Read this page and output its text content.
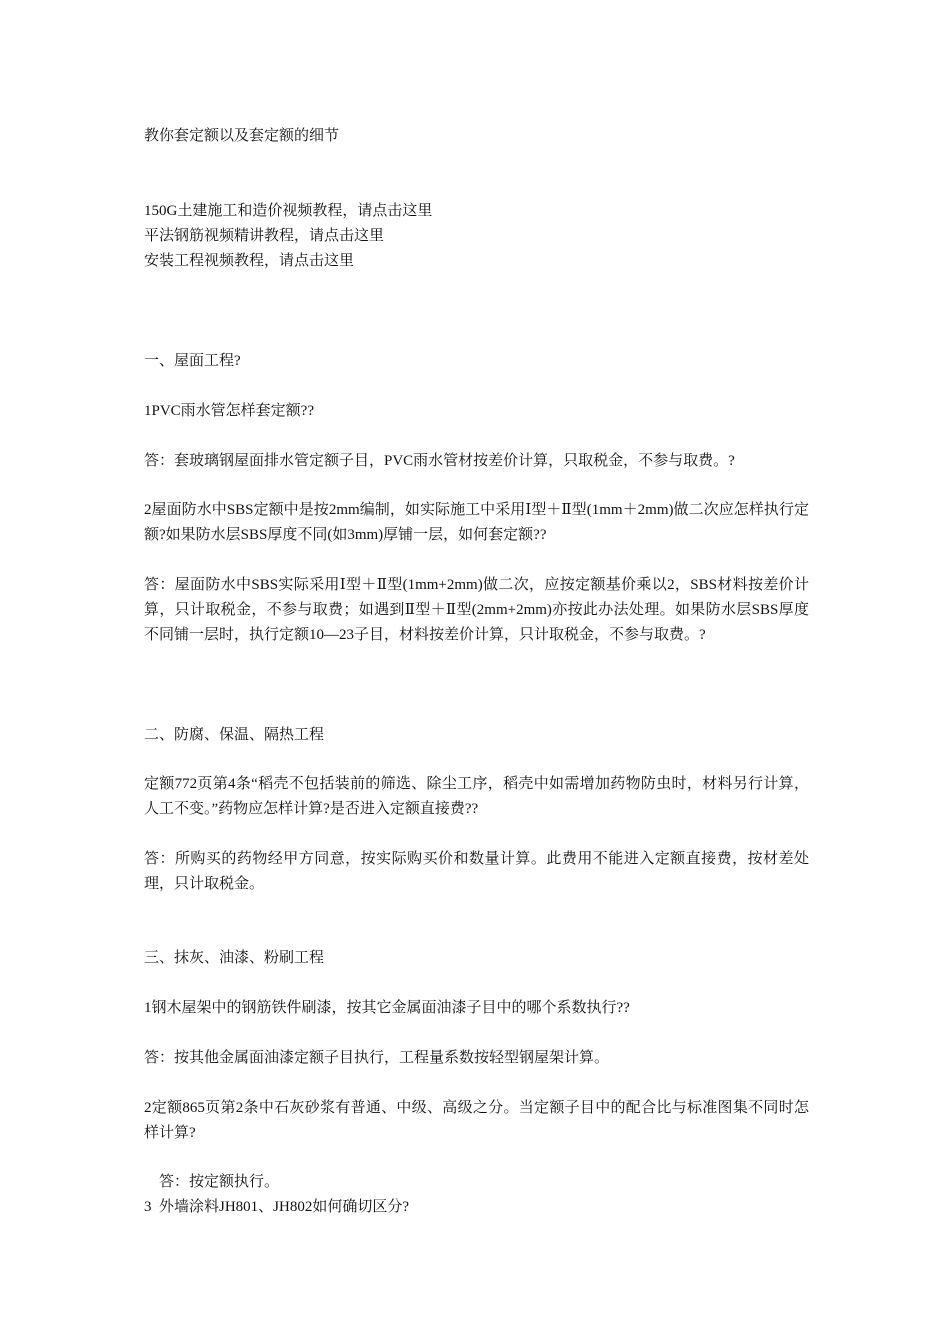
教你套定额以及套定额的细节
150G土建施工和造价视频教程，请点击这里
平法钢筋视频精讲教程，请点击这里
安装工程视频教程，请点击这里
一、屋面工程?
1PVC雨水管怎样套定额??
答：套玻璃钢屋面排水管定额子目，PVC雨水管材按差价计算，只取税金，不参与取费。?
2屋面防水中SBS定额中是按2mm编制，如实际施工中采用Ⅰ型＋Ⅱ型(1mm＋2mm)做二次应怎样执行定额?如果防水层SBS厚度不同(如3mm)厚铺一层，如何套定额??
答：屋面防水中SBS实际采用Ⅰ型＋Ⅱ型(1mm+2mm)做二次，应按定额基价乘以2，SBS材料按差价计算，只计取税金，不参与取费；如遇到Ⅱ型＋Ⅱ型(2mm+2mm)亦按此办法处理。如果防水层SBS厚度不同铺一层时，执行定额10—23子目，材料按差价计算，只计取税金，不参与取费。?
二、防腐、保温、隔热工程
定额772页第4条“稻壳不包括装前的筛选、除尘工序，稻壳中如需增加药物防虫时，材料另行计算，人工不变。”药物应怎样计算?是否进入定额直接费??
答：所购买的药物经甲方同意，按实际购买价和数量计算。此费用不能进入定额直接费，按材差处理，只计取税金。
三、抹灰、油漆、粉刷工程
1钢木屋架中的钢筋铁件刷漆，按其它金属面油漆子目中的哪个系数执行??
答：按其他金属面油漆定额子目执行，工程量系数按轻型钢屋架计算。
2定额865页第2条中石灰砂浆有普通、中级、高级之分。当定额子目中的配合比与标准图集不同时怎样计算?
　答：按定额执行。
3  外墙涂料JH801、JH802如何确切区分?
